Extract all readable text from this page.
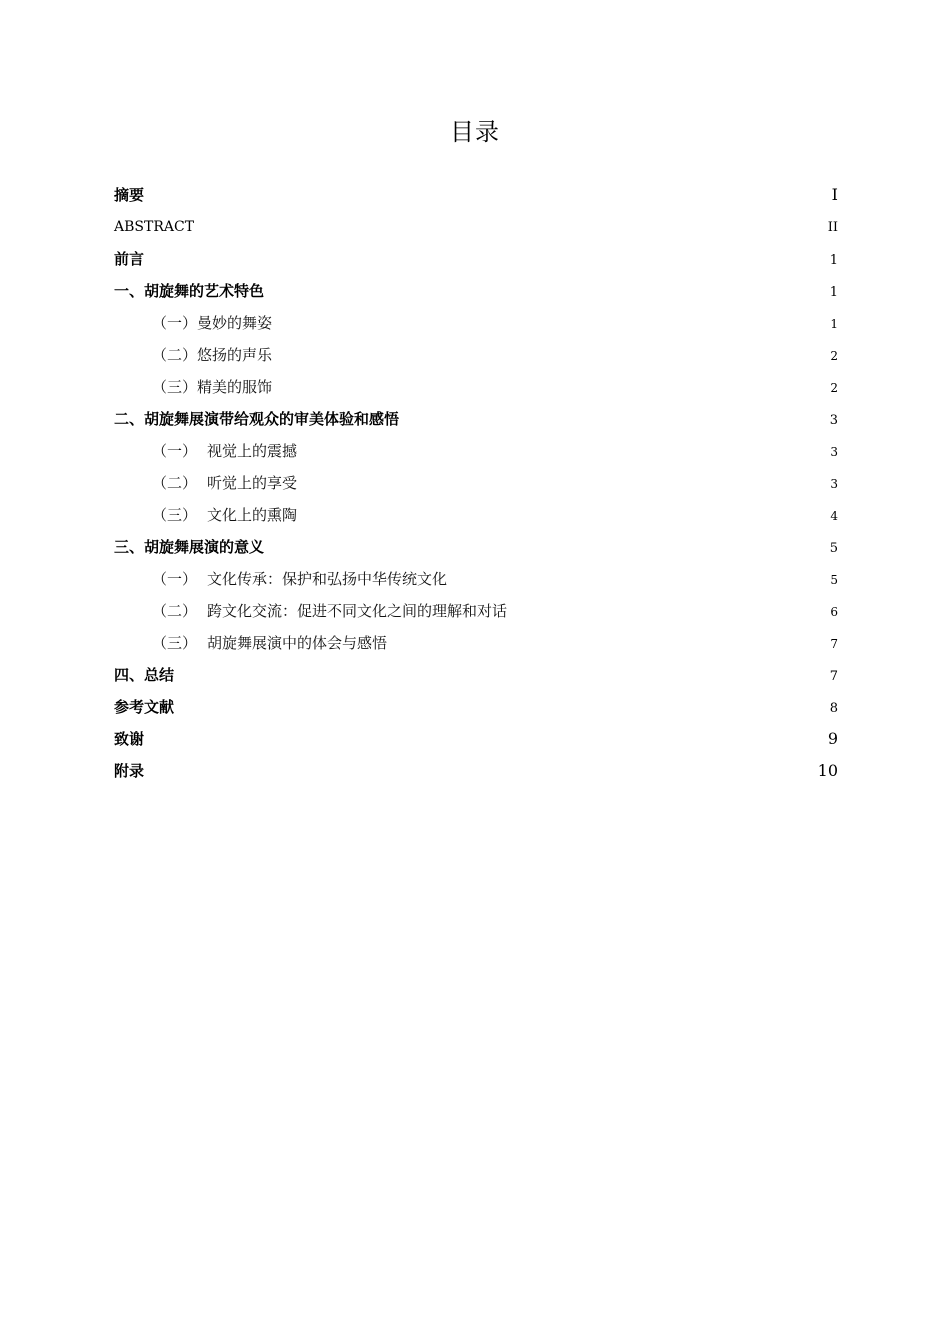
目录
摘要	I
ABSTRACT	II
前言	1
一、胡旋舞的艺术特色	1
（一）曼妙的舞姿	1
（二）悠扬的声乐	2
（三）精美的服饰	2
二、胡旋舞展演带给观众的审美体验和感悟	3
（一） 视觉上的震撼	3
（二） 听觉上的享受	3
（三） 文化上的熏陶	4
三、胡旋舞展演的意义	5
（一） 文化传承：保护和弘扬中华传统文化	5
（二） 跨文化交流：促进不同文化之间的理解和对话	6
（三） 胡旋舞展演中的体会与感悟	7
四、总结	7
参考文献	8
致谢	9
附录	10
